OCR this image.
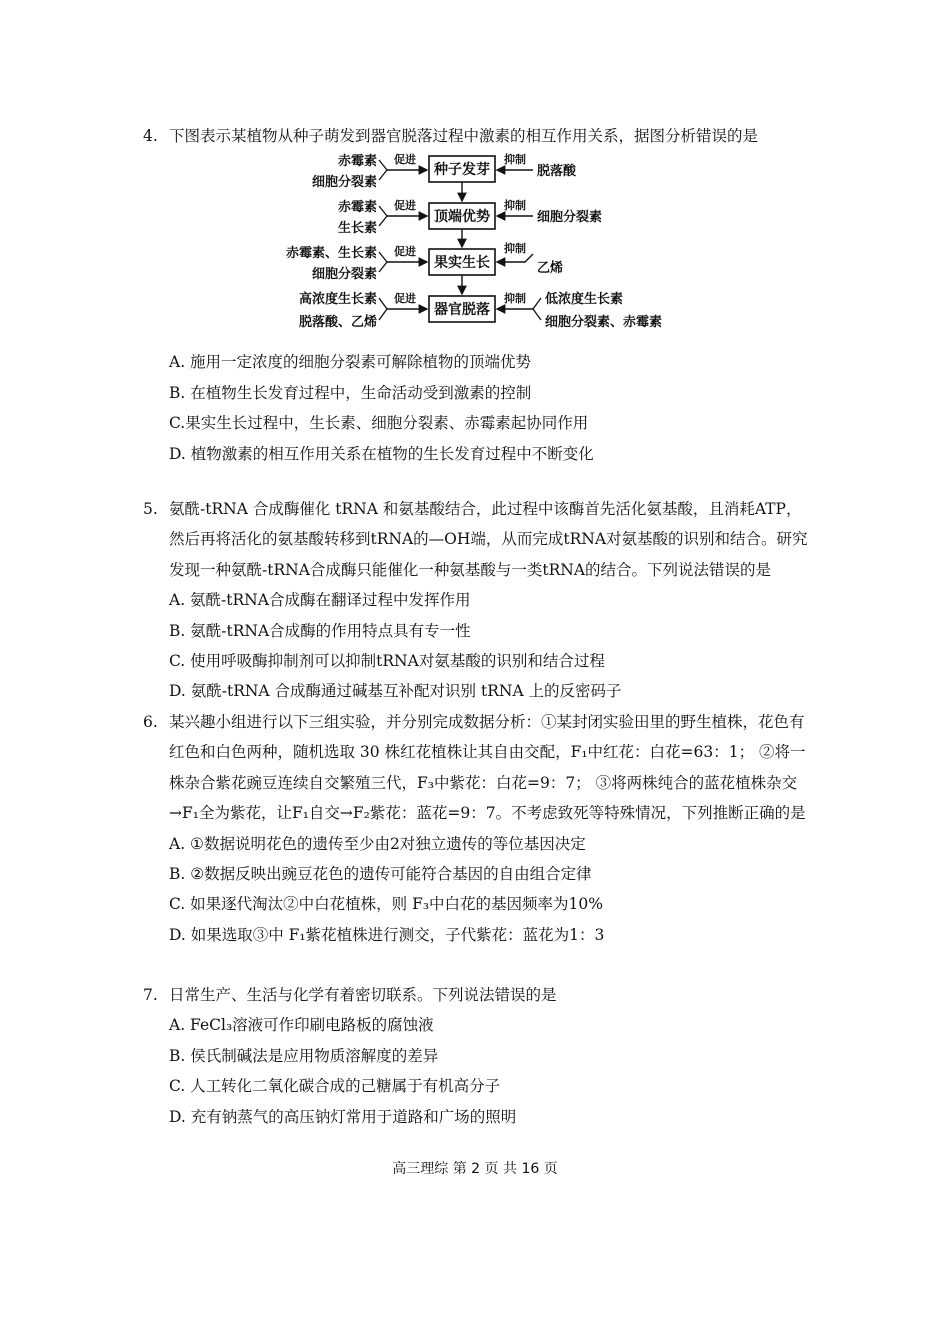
4. 下图表示某植物从种子萌发到器官脱落过程中激素的相互作用关系，据图分析错误的是
A. 施用一定浓度的细胞分裂素可解除植物的顶端优势
B. 在植物生长发育过程中，生命活动受到激素的控制
C.果实生长过程中，生长素、细胞分裂素、赤霉素起协同作用
D. 植物激素的相互作用关系在植物的生长发育过程中不断变化
种子发芽
顶端优势
果实生长
器官脱落
赤霉素
细胞分裂素
促进	抑制
脱落酸
赤霉素
生长素
促进	抑制
细胞分裂素
赤霉素、生长素
细胞分裂素
促进	抑制
乙烯
高浓度生长素
脱落酸、乙烯
促进	抑制 低浓度生长素
细胞分裂素、赤霉素
5. 氨酰-tRNA 合成酶催化 tRNA 和氨基酸结合，此过程中该酶首先活化氨基酸，且消耗ATP，然后再将活化的氨基酸转移到tRNA的—OH端，从而完成tRNA对氨基酸的识别和结合。研究发现一种氨酰-tRNA合成酶只能催化一种氨基酸与一类tRNA的结合。下列说法错误的是
A. 氨酰-tRNA合成酶在翻译过程中发挥作用
B. 氨酰-tRNA合成酶的作用特点具有专一性
C. 使用呼吸酶抑制剂可以抑制tRNA对氨基酸的识别和结合过程
D. 氨酰-tRNA 合成酶通过碱基互补配对识别 tRNA 上的反密码子
6. 某兴趣小组进行以下三组实验，并分别完成数据分析：①某封闭实验田里的野生植株，花色有红色和白色两种，随机选取 30 株红花植株让其自由交配，F₁中红花：白花=63：1； ②将一株杂合紫花豌豆连续自交繁殖三代，F₃中紫花：白花=9：7； ③将两株纯合的蓝花植株杂交→F₁全为紫花，让F₁自交→F₂紫花：蓝花=9：7。不考虑致死等特殊情况，下列推断正确的是
A. ①数据说明花色的遗传至少由2对独立遗传的等位基因决定
B. ②数据反映出豌豆花色的遗传可能符合基因的自由组合定律
C. 如果逐代淘汰②中白花植株，则 F₃中白花的基因频率为10%
D. 如果选取③中 F₁紫花植株进行测交，子代紫花：蓝花为1：3
7. 日常生产、生活与化学有着密切联系。下列说法错误的是
A. FeCl₃溶液可作印刷电路板的腐蚀液
B. 侯氏制碱法是应用物质溶解度的差异
C. 人工转化二氧化碳合成的己糖属于有机高分子
D. 充有钠蒸气的高压钠灯常用于道路和广场的照明
高三理综 第 2 页 共 16 页
